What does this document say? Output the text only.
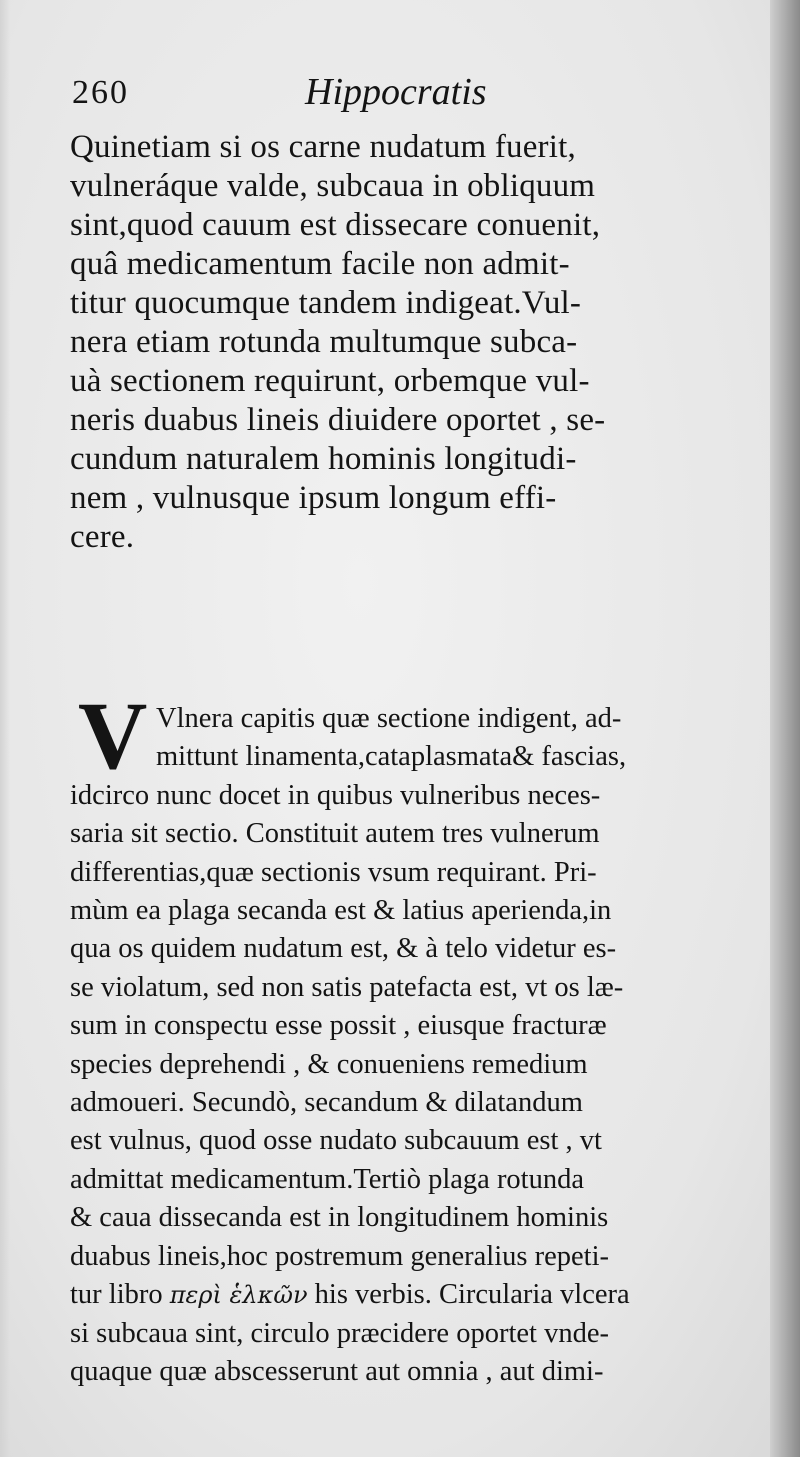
260	Hippocratis
Quinetiam si os carne nudatum fuerit,
vulneráque valde, subcaua in obliquum
sint,quod cauum est dissecare conuenit,
quâ medicamentum facile non admit-
titur quocumque tandem indigeat.Vul-
nera etiam rotunda multumque subca-
uà sectionem requirunt, orbemque vul-
neris duabus lineis diuidere oportet , se-
cundum naturalem hominis longitudi-
nem , vulnusque ipsum longum effi-
cere.
V Vlnera capitis quæ sectione indigent, ad-
mittunt linamenta,cataplasmata& fascias,
idcirco nunc docet in quibus vulneribus neces-
saria sit sectio. Constituit autem tres vulnerum
differentias,quæ sectionis vsum requirant. Pri-
mùm ea plaga secanda est & latius aperienda,in
qua os quidem nudatum est, & à telo videtur es-
se violatum, sed non satis patefacta est, vt os læ-
sum in conspectu esse possit , eiusque fracturæ
species deprehendi , & conueniens remedium
admoueri. Secundò, secandum & dilatandum
est vulnus, quod osse nudato subcauum est , vt
admittat medicamentum.Tertiò plaga rotunda
& caua dissecanda est in longitudinem hominis
duabus lineis,hoc postremum generalius repeti-
tur libro περὶ ἑλκῶν his verbis. Circularia vlcera
si subcaua sint, circulo præcidere oportet vnde-
quaque quæ abscesserunt aut omnia , aut dimi-
